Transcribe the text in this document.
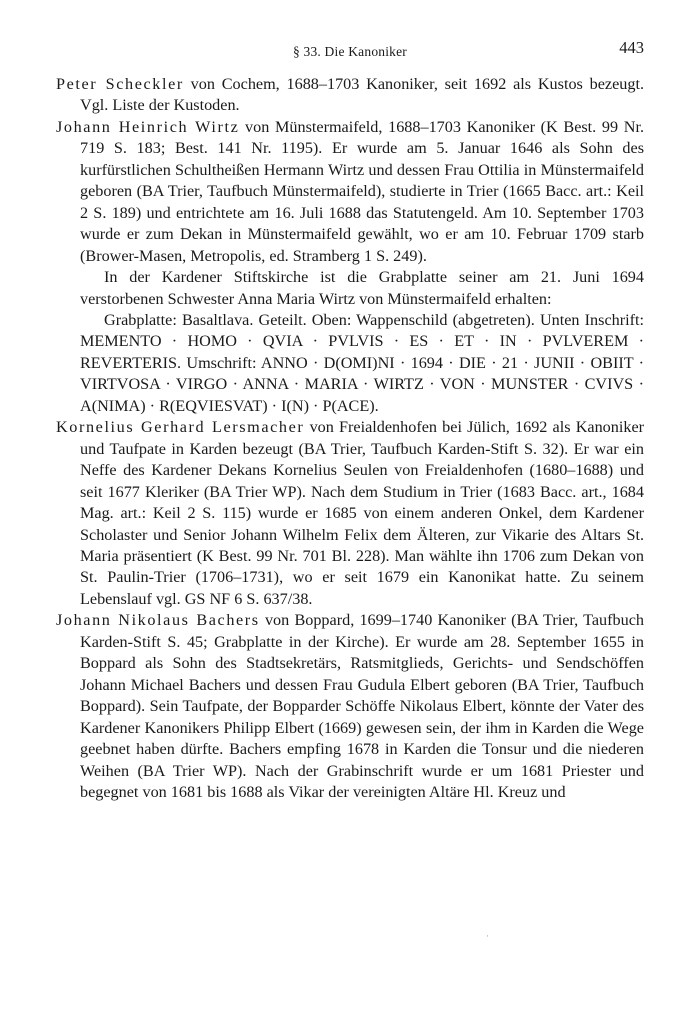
§ 33. Die Kanoniker	443

Peter Scheckler von Cochem, 1688–1703 Kanoniker, seit 1692 als Kustos bezeugt. Vgl. Liste der Kustoden.

Johann Heinrich Wirtz von Münstermaifeld, 1688–1703 Kanoniker (K Best. 99 Nr. 719 S. 183; Best. 141 Nr. 1195). Er wurde am 5. Januar 1646 als Sohn des kurfürstlichen Schultheißen Hermann Wirtz und dessen Frau Ottilia in Münstermaifeld geboren (BA Trier, Taufbuch Münstermaifeld), studierte in Trier (1665 Bacc. art.: Keil 2 S. 189) und entrichtete am 16. Juli 1688 das Statutengeld. Am 10. September 1703 wurde er zum Dekan in Münstermaifeld gewählt, wo er am 10. Februar 1709 starb (Brower-Masen, Metropolis, ed. Stramberg 1 S. 249).

In der Kardener Stiftskirche ist die Grabplatte seiner am 21. Juni 1694 verstorbenen Schwester Anna Maria Wirtz von Münstermaifeld erhalten:

Grabplatte: Basaltlava. Geteilt. Oben: Wappenschild (abgetreten). Unten Inschrift: MEMENTO · HOMO · QVIA · PVLVIS · ES · ET · IN · PVLVEREM · REVERTERIS. Umschrift: ANNO · D(OMI)NI · 1694 · DIE · 21 · JUNII · OBIIT · VIRTVOSA · VIRGO · ANNA · MARIA · WIRTZ · VON · MUNSTER · CVIVS · A(NIMA) · R(EQVIESVAT) · I(N) · P(ACE).

Kornelius Gerhard Lersmacher von Freialdenhofen bei Jülich, 1692 als Kanoniker und Taufpate in Karden bezeugt (BA Trier, Taufbuch Karden-Stift S. 32). Er war ein Neffe des Kardener Dekans Kornelius Seulen von Freialdenhofen (1680–1688) und seit 1677 Kleriker (BA Trier WP). Nach dem Studium in Trier (1683 Bacc. art., 1684 Mag. art.: Keil 2 S. 115) wurde er 1685 von einem anderen Onkel, dem Kardener Scholaster und Senior Johann Wilhelm Felix dem Älteren, zur Vikarie des Altars St. Maria präsentiert (K Best. 99 Nr. 701 Bl. 228). Man wählte ihn 1706 zum Dekan von St. Paulin-Trier (1706–1731), wo er seit 1679 ein Kanonikat hatte. Zu seinem Lebenslauf vgl. GS NF 6 S. 637/38.

Johann Nikolaus Bachers von Boppard, 1699–1740 Kanoniker (BA Trier, Taufbuch Karden-Stift S. 45; Grabplatte in der Kirche). Er wurde am 28. September 1655 in Boppard als Sohn des Stadtsekretärs, Ratsmitglieds, Gerichts- und Sendschöffen Johann Michael Bachers und dessen Frau Gudula Elbert geboren (BA Trier, Taufbuch Boppard). Sein Taufpate, der Bopparder Schöffe Nikolaus Elbert, könnte der Vater des Kardener Kanonikers Philipp Elbert (1669) gewesen sein, der ihm in Karden die Wege geebnet haben dürfte. Bachers empfing 1678 in Karden die Tonsur und die niederen Weihen (BA Trier WP). Nach der Grabinschrift wurde er um 1681 Priester und begegnet von 1681 bis 1688 als Vikar der vereinigten Altäre Hl. Kreuz und

·
